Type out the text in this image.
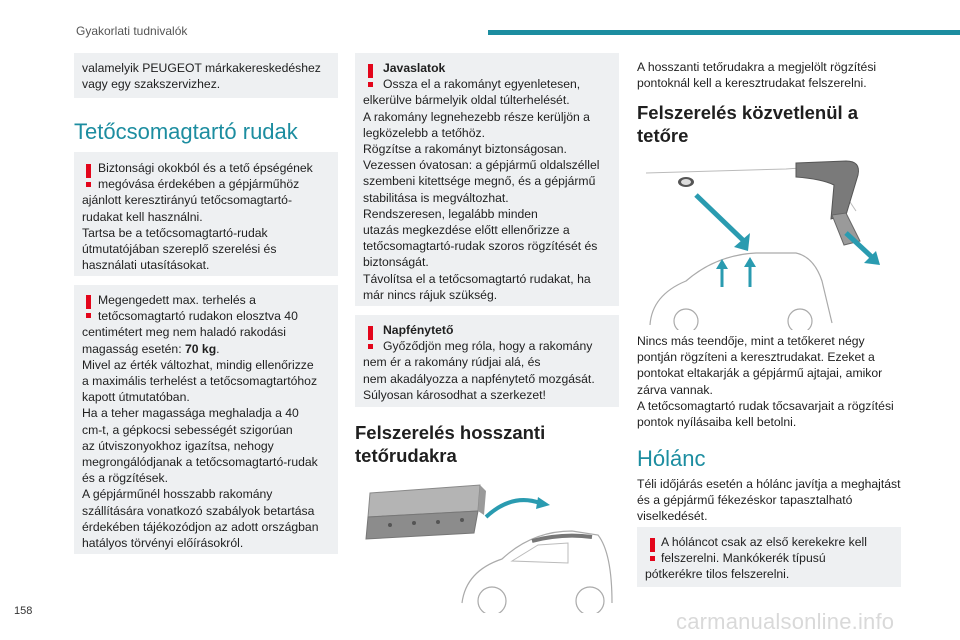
Gyakorlati tudnivalók
valamelyik PEUGEOT márkakereskedéshez
vagy egy szakszervizhez.
Tetőcsomagtartó rudak
Biztonsági okokból és a tető épségének
megóvása érdekében a gépjárműhöz
ajánlott keresztirányú tetőcsomagtartó-
rudakat kell használni.
Tartsa be a tetőcsomagtartó-rudak
útmutatójában szereplő szerelési és
használati utasításokat.
Megengedett max. terhelés a
tetőcsomagtartó rudakon elosztva 40
centimétert meg nem haladó rakodási
magasság esetén: 70 kg.
Mivel az érték változhat, mindig ellenőrizze
a maximális terhelést a tetőcsomagtartóhoz
kapott útmutatóban.
Ha a teher magassága meghaladja a 40
cm-t, a gépkocsi sebességét szigorúan
az útviszonyokhoz igazítsa, nehogy
megrongálódjanak a tetőcsomagtartó-rudak
és a rögzítések.
A gépjárműnél hosszabb rakomány
szállítására vonatkozó szabályok betartása
érdekében tájékozódjon az adott országban
hatályos törvényi előírásokról.
Javaslatok
Ossza el a rakományt egyenletesen,
elkerülve bármelyik oldal túlterhelését.
A rakomány legnehezebb része kerüljön a
legközelebb a tetőhöz.
Rögzítse a rakományt biztonságosan.
Vezessen óvatosan: a gépjármű oldalszéllel
szembeni kitettsége megnő, és a gépjármű
stabilitása is megváltozhat.
Rendszeresen, legalább minden
utazás megkezdése előtt ellenőrizze a
tetőcsomagtartó-rudak szoros rögzítését és
biztonságát.
Távolítsa el a tetőcsomagtartó rudakat, ha
már nincs rájuk szükség.
Napfénytető
Győződjön meg róla, hogy a rakomány
nem ér a rakomány rúdjai alá, és
nem akadályozza a napfénytető mozgását.
Súlyosan károsodhat a szerkezet!
Felszerelés hosszanti
tetőrudakra
A hosszanti tetőrudakra a megjelölt rögzítési
pontoknál kell a keresztrudakat felszerelni.
Felszerelés közvetlenül a
tetőre
Nincs más teendője, mint a tetőkeret négy
pontján rögzíteni a keresztrudakat. Ezeket a
pontokat eltakarják a gépjármű ajtajai, amikor
zárva vannak.
A tetőcsomagtartó rudak tőcsavarjait a rögzítési
pontok nyílásaiba kell betolni.
Hólánc
Téli időjárás esetén a hólánc javítja a meghajtást
és a gépjármű fékezéskor tapasztalható
viselkedését.
A hóláncot csak az első kerekekre kell
felszerelni. Mankókerék típusú
pótkerékre tilos felszerelni.
158	carmanualsonline.info
